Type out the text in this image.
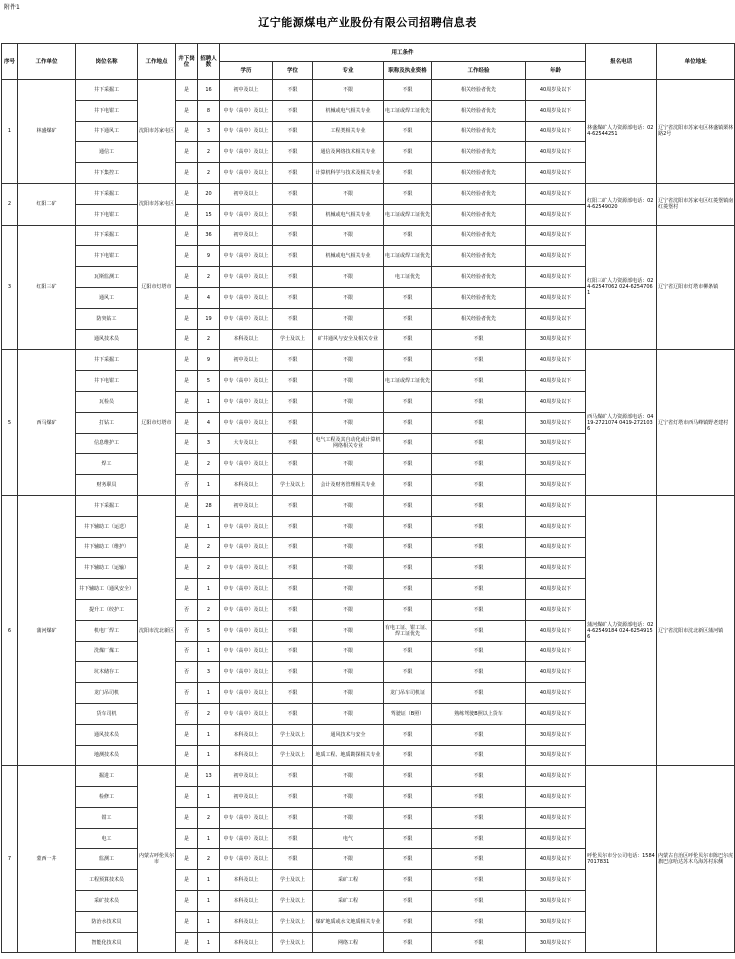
附件1
辽宁能源煤电产业股份有限公司招聘信息表
序号	工作单位	岗位名称	工作地点	井下岗位	招聘人数	用工条件						报名电话	单位地址
						学历	学位	专业	职称及执业资格	工作经验	年龄		
1	林盛煤矿	井下采掘工	沈阳市苏家屯区	是	16	初中及以上	不限	不限	不限	相关经验者优先	40周岁及以下	林盛煤矿人力资源部电话：024-62544251	辽宁省沈阳市苏家屯区林盛镇栗林路2号
		井下电钳工		是	8	中专（高中）及以上	不限	机械或电气相关专业	电工证或焊工证优先	相关经验者优先	40周岁及以下		
		井下通风工		是	3	中专（高中）及以上	不限	工程类相关专业	不限	相关经验者优先	40周岁及以下		
		通信工		是	2	中专（高中）及以上	不限	通信及网络技术相关专业	不限	相关经验者优先	40周岁及以下		
		井下集控工		是	2	中专（高中）及以上	不限	计算机科学与技术及相关专业	不限	相关经验者优先	40周岁及以下		
2	红阳二矿	井下采掘工	沈阳市苏家屯区	是	20	初中及以上	不限	不限	不限	相关经验者优先	40周岁及以下	红阳二矿人力资源部电话：024-62549020	辽宁省沈阳市苏家屯区红菱堡镇南红菱堡村
		井下电钳工		是	15	中专（高中）及以上	不限	机械或电气相关专业	电工证或焊工证优先	相关经验者优先	40周岁及以下		
3	红阳三矿	井下采掘工	辽阳市灯塔市	是	36	初中及以上	不限	不限	不限	相关经验者优先	40周岁及以下	红阳三矿人力资源部电话：024-62547062 024-62547061	辽宁省辽阳市灯塔市柳条镇
		井下电钳工		是	9	中专（高中）及以上	不限	机械或电气相关专业	电工证或焊工证优先	相关经验者优先	40周岁及以下		
		瓦斯监测工		是	2	中专（高中）及以上	不限	不限	电工证优先	相关经验者优先	40周岁及以下		
		通风工		是	4	中专（高中）及以上	不限	不限	不限	相关经验者优先	40周岁及以下		
		防突钻工		是	19	中专（高中）及以上	不限	不限	不限	相关经验者优先	40周岁及以下		
		通风技术员		是	2	本科及以上	学士及以上	矿井通风与安全及相关专业	不限	不限	30周岁及以下		
5	西马煤矿	井下采掘工	辽阳市灯塔市	是	9	初中及以上	不限	不限	不限	不限	40周岁及以下	西马煤矿人力资源部电话：0419-2721074 0419-2721036	辽宁省灯塔市西马峰镇野老建村
		井下电钳工		是	5	中专（高中）及以上	不限	不限	电工证或焊工证优先	不限	40周岁及以下		
		瓦检员		是	1	中专（高中）及以上	不限	不限	不限	不限	40周岁及以下		
		打钻工		是	4	中专（高中）及以上	不限	不限	不限	不限	30周岁及以下		
		信息维护工		是	3	大专及以上	不限	电气工程及其自动化或计算机网络相关专业	不限	不限	30周岁及以下		
		焊工		是	2	中专（高中）及以上	不限	不限	不限	不限	30周岁及以下		
		财务职员		否	1	本科及以上	学士及以上	会计及财务管理相关专业	不限	不限	30周岁及以下		
6	蒲河煤矿	井下采掘工	沈阳市沈北新区	是	28	初中及以上	不限	不限	不限	不限	40周岁及以下	蒲河煤矿人力资源部电话：024-62549184 024-62549156	辽宁省沈阳市沈北新区蒲河镇
		井下辅助工（运送）		是	1	中专（高中）及以上	不限	不限	不限	不限	40周岁及以下		
		井下辅助工（维护）		是	2	中专（高中）及以上	不限	不限	不限	不限	40周岁及以下		
		井下辅助工（运输）		是	2	中专（高中）及以上	不限	不限	不限	不限	40周岁及以下		
		井下辅助工（通风安全）		是	1	中专（高中）及以上	不限	不限	不限	不限	40周岁及以下		
		提升工（绞护工		否	2	中专（高中）及以上	不限	不限	不限	不限	40周岁及以下		
		机电厂焊工		否	5	中专（高中）及以上	不限	不限	有电工证、钳工证、焊工证优先	不限	40周岁及以下		
		洗煤厂煤工		否	1	中专（高中）及以上	不限	不限	不限	不限	40周岁及以下		
		坑木储存工		否	3	中专（高中）及以上	不限	不限	不限	不限	40周岁及以下		
		龙门吊司机		否	1	中专（高中）及以上	不限	不限	龙门吊车司机证	不限	40周岁及以下		
		货车司机		否	2	中专（高中）及以上	不限	不限	驾驶证（B照）	熟练驾驶B照以上货车	40周岁及以下		
		通风技术员		是	1	本科及以上	学士及以上	通风技术与安全	不限	不限	30周岁及以下		
		地测技术员		是	1	本科及以上	学士及以上	地质工程、地质勘探相关专业	不限	不限	30周岁及以下		
7	蒙西一井	掘进工	内蒙古呼伦贝尔市	是	13	初中及以上	不限	不限	不限	不限	40周岁及以下	呼伦贝尔市分公司电话：15847017831	内蒙古自治区呼伦贝尔市陈巴尔虎旗巴彦哈达苏木乌海苏村东侧
		检修工		是	1	初中及以上	不限	不限	不限	不限	40周岁及以下		
		钳工		是	2	中专（高中）及以上	不限	不限	不限	不限	40周岁及以下		
		电工		是	1	中专（高中）及以上	不限	电气	不限	不限	40周岁及以下		
		监测工		是	2	中专（高中）及以上	不限	不限	不限	不限	40周岁及以下		
		工程预算技术员		是	1	本科及以上	学士及以上	采矿工程	不限	不限	30周岁及以下		
		采矿技术员		是	1	本科及以上	学士及以上	采矿工程	不限	不限	30周岁及以下		
		防治水技术员		是	1	本科及以上	学士及以上	煤矿地质或水文地质相关专业	不限	不限	30周岁及以下		
		智能化技术员		是	1	本科及以上	学士及以上	网络工程	不限	不限	30周岁及以下		
